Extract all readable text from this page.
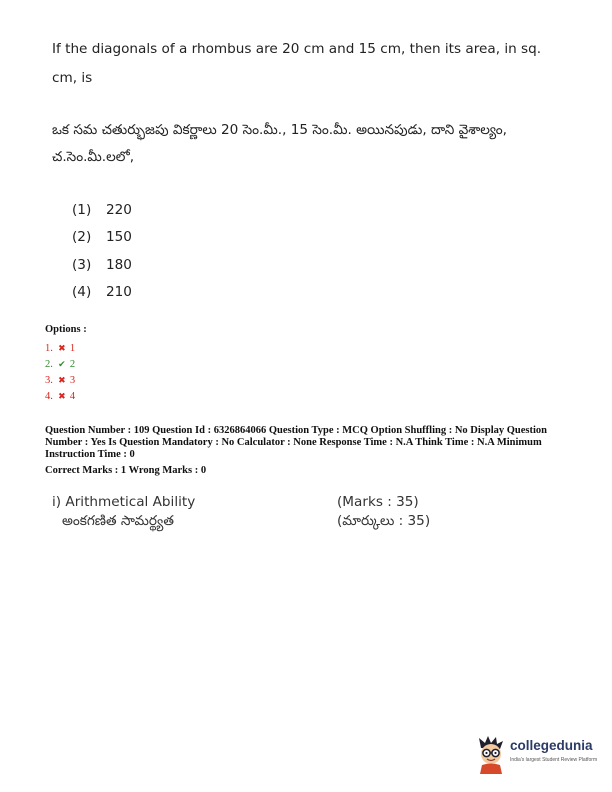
If the diagonals of a rhombus are 20 cm and 15 cm, then its area, in sq. cm, is
ఒక సమ చతుర్భుజపు వికర్ణాలు 20 సెం.మీ., 15 సెం.మీ. అయినపుడు, దాని వైశాల్యం, చ.సెం.మీ.లలో,
(1)	220
(2)	150
(3)	180
(4)	210
Options :
1. ✖ 1
2. ✔ 2
3. ✖ 3
4. ✖ 4
Question Number : 109 Question Id : 6326864066 Question Type : MCQ Option Shuffling : No Display Question Number : Yes Is Question Mandatory : No Calculator : None Response Time : N.A Think Time : N.A Minimum Instruction Time : 0
Correct Marks : 1 Wrong Marks : 0
i) Arithmetical Ability	(Marks : 35)
అంకగణిత సామర్థ్యత	(మార్కులు : 35)
collegedunia
India's largest Student Review Platform
